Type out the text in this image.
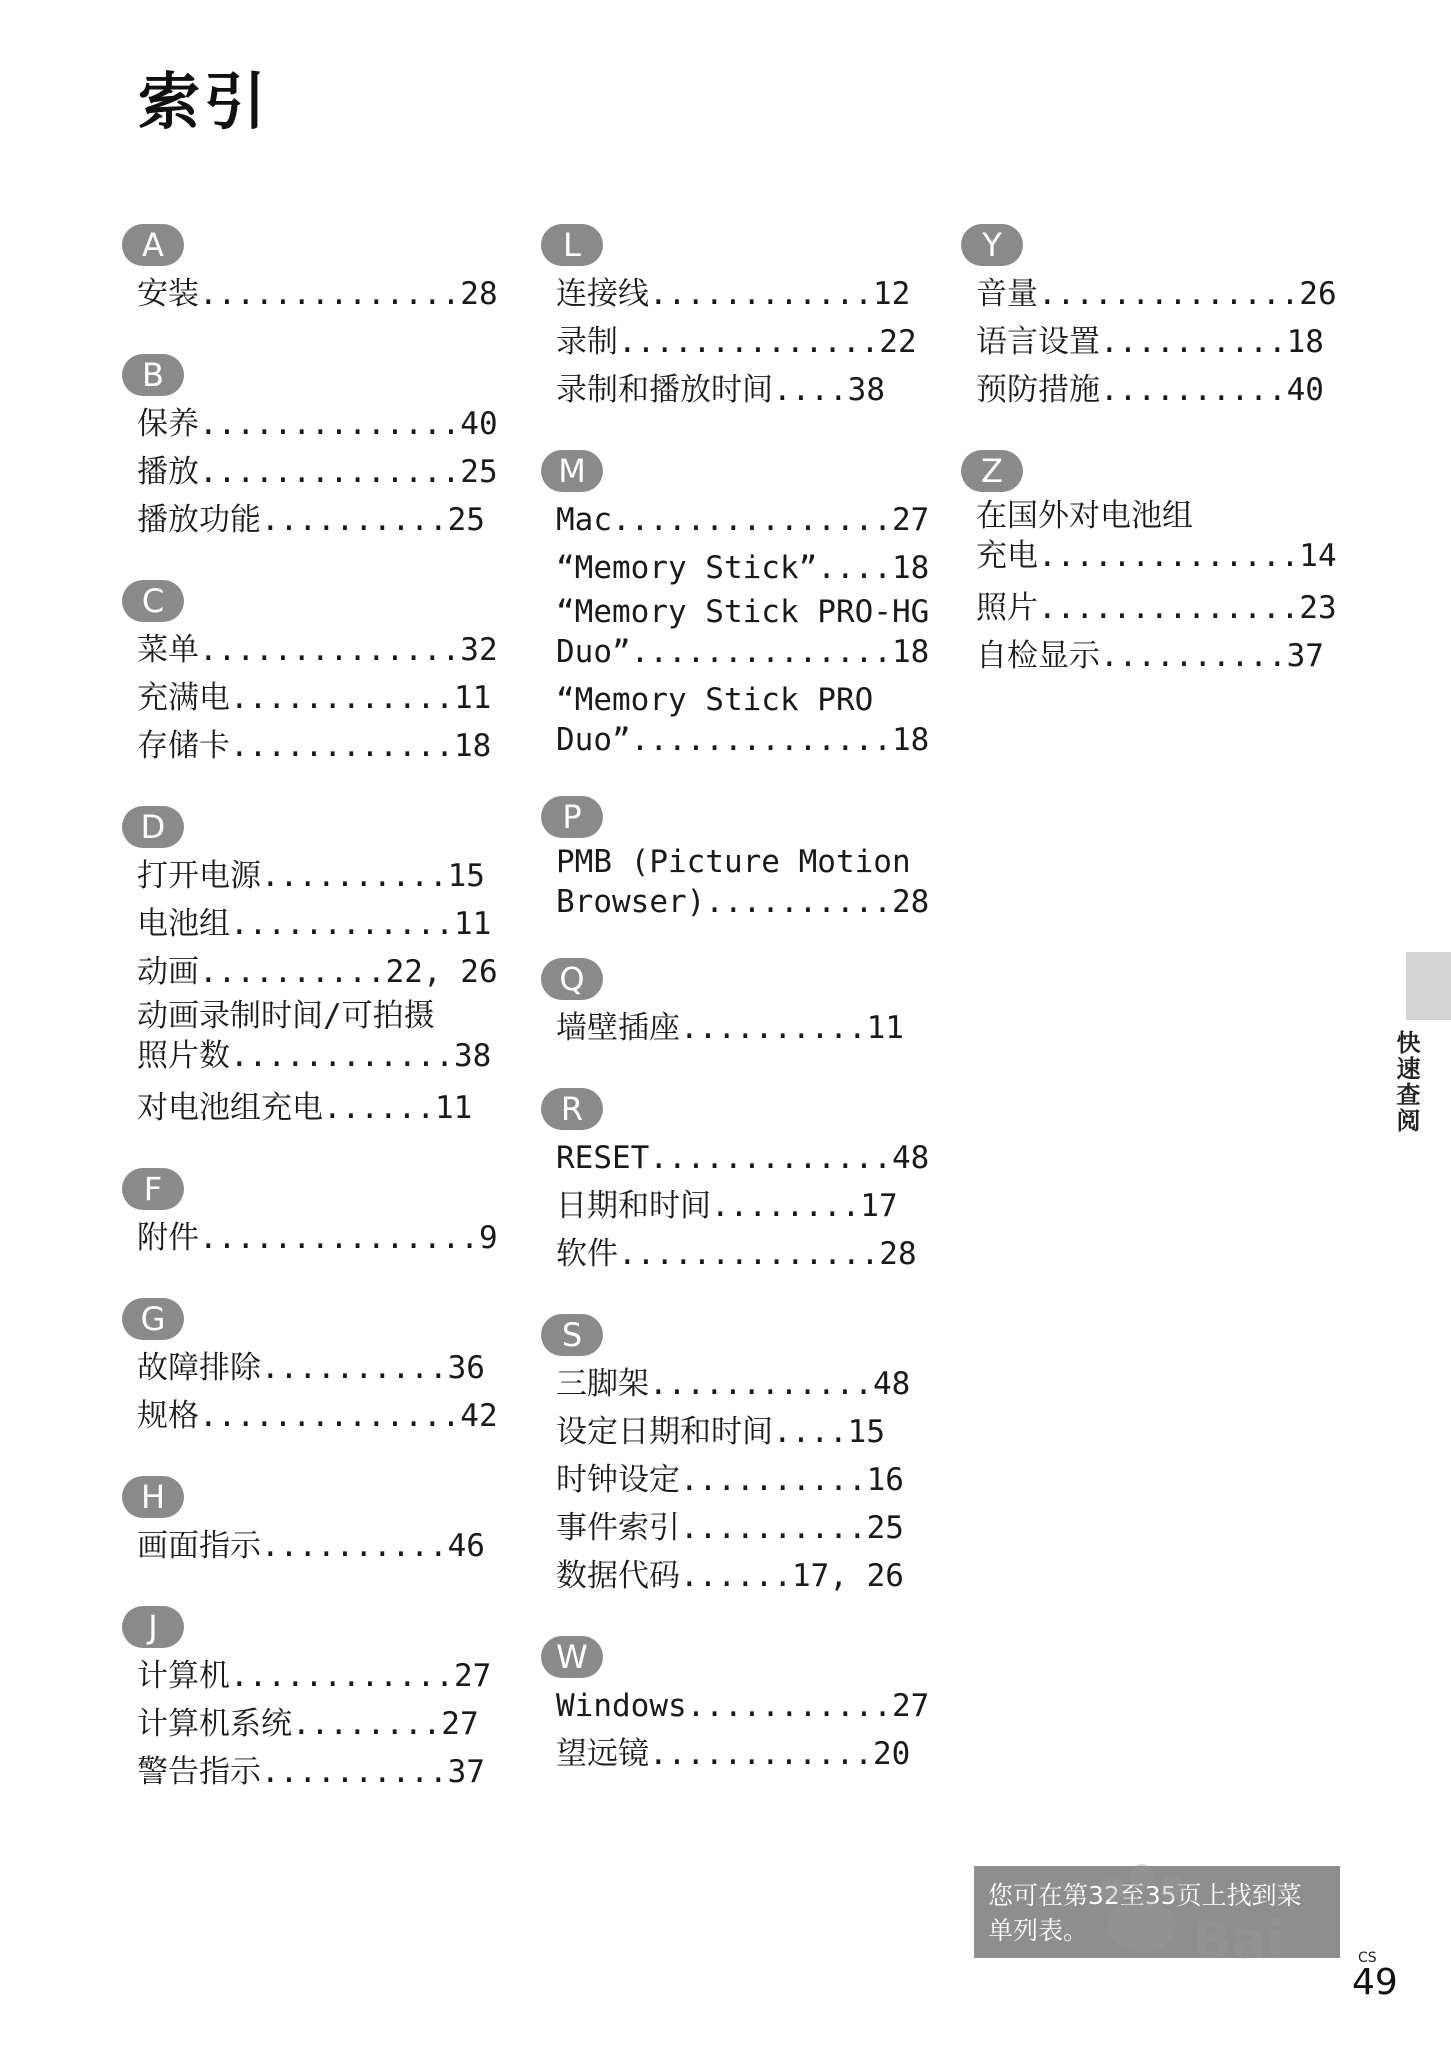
索引
A
安装..............28
B
保养..............40
播放..............25
播放功能..........25
C
菜单..............32
充满电............11
存储卡............18
D
打开电源..........15
电池组............11
动画..........22, 26
动画录制时间/可拍摄
照片数............38
对电池组充电......11
F
附件...............9
G
故障排除..........36
规格..............42
H
画面指示..........46
J
计算机............27
计算机系统........27
警告指示..........37
L
连接线............12
录制..............22
录制和播放时间....38
M
Mac...............27
“Memory Stick”....18
“Memory Stick PRO-HG
Duo”..............18
“Memory Stick PRO
Duo”..............18
P
PMB (Picture Motion
Browser)..........28
Q
墙壁插座..........11
R
RESET.............48
日期和时间........17
软件..............28
S
三脚架............48
设定日期和时间....15
时钟设定..........16
事件索引..........25
数据代码......17, 26
W
Windows...........27
望远镜............20
Y
音量..............26
语言设置..........18
预防措施..........40
Z
在国外对电池组
充电..............14
照片..............23
自检显示..........37
快速查阅
您可在第32至35页上找到菜单列表。
CS
49
Bai
